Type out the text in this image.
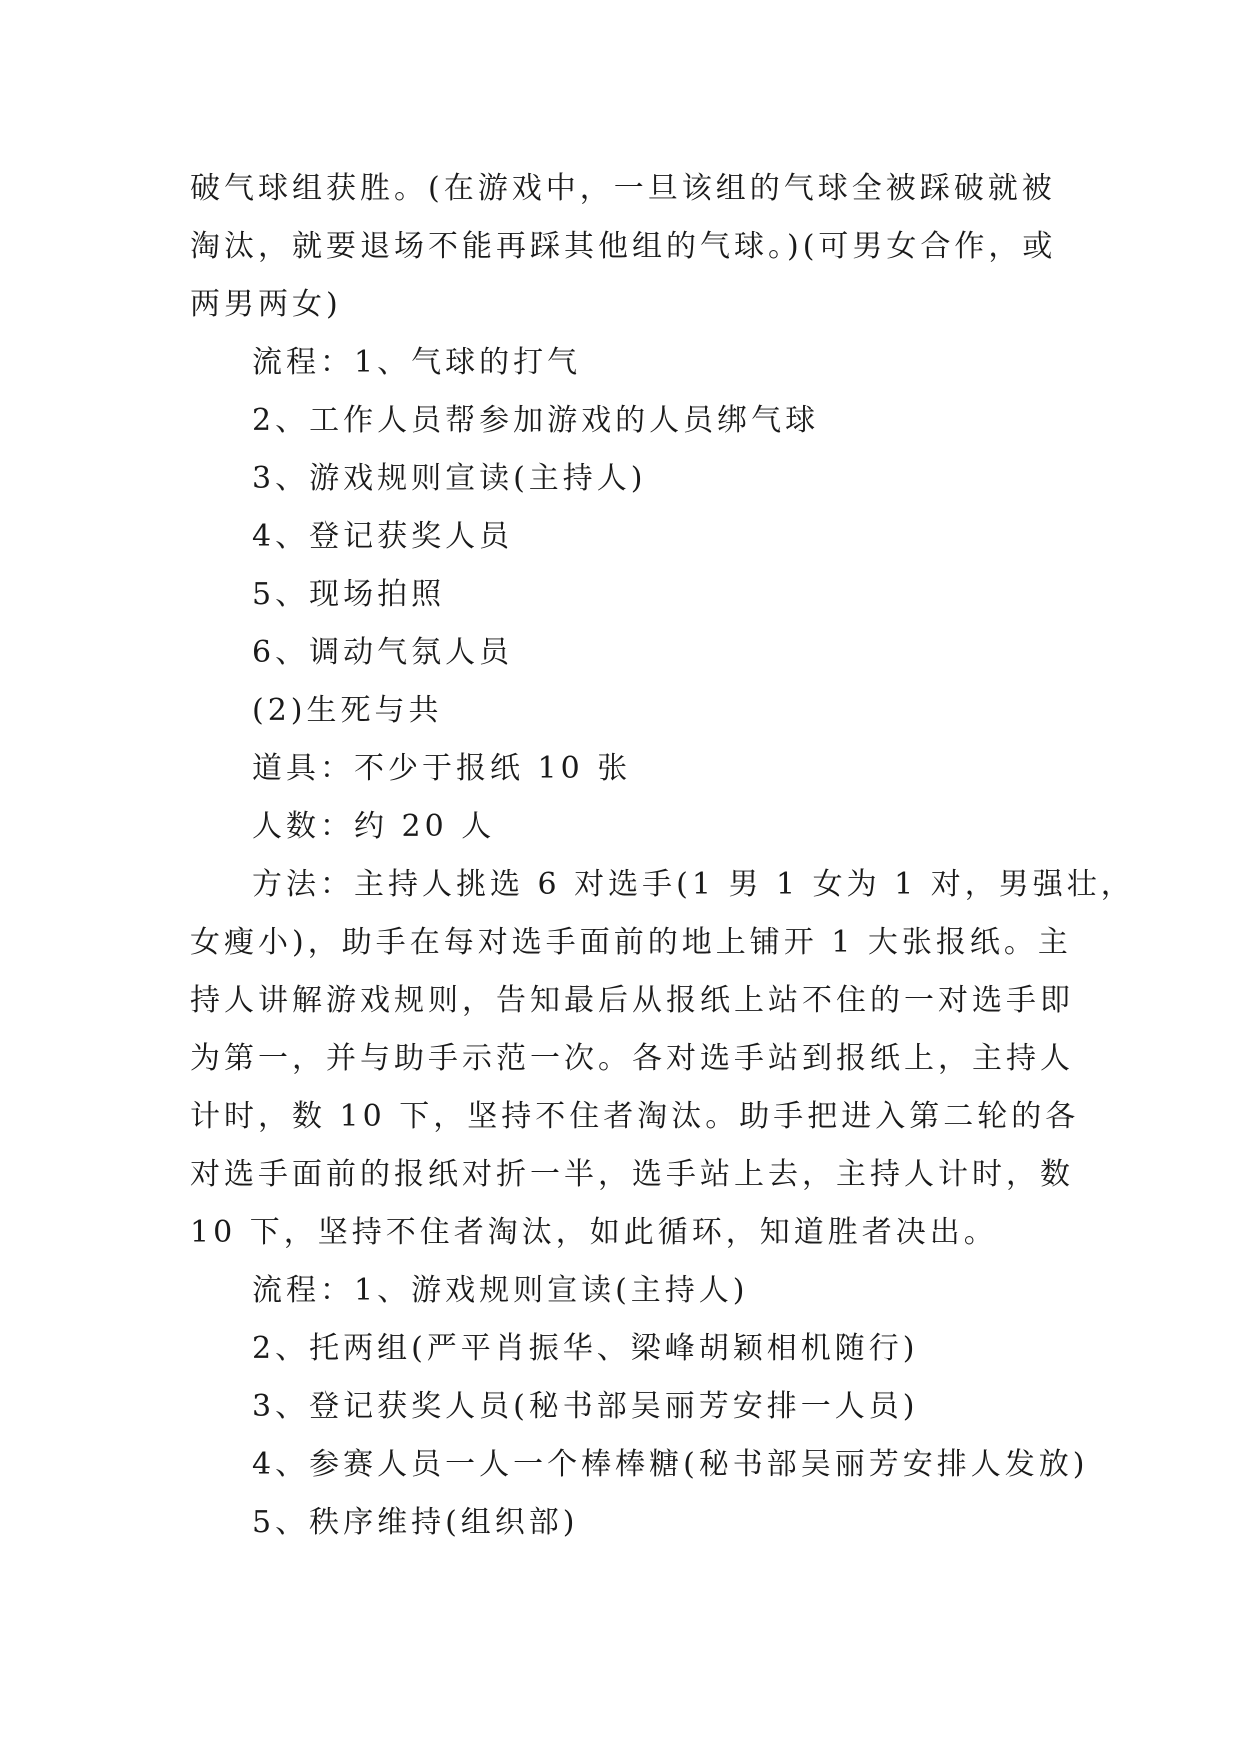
破气球组获胜。(在游戏中，一旦该组的气球全被踩破就被
淘汰，就要退场不能再踩其他组的气球。)(可男女合作，或
两男两女)
流程：1、气球的打气
2、工作人员帮参加游戏的人员绑气球
3、游戏规则宣读(主持人)
4、登记获奖人员
5、现场拍照
6、调动气氛人员
(2)生死与共
道具：不少于报纸 10 张
人数：约 20 人
方法：主持人挑选 6 对选手(1 男 1 女为 1 对，男强壮，
女瘦小)，助手在每对选手面前的地上铺开 1 大张报纸。主
持人讲解游戏规则，告知最后从报纸上站不住的一对选手即
为第一，并与助手示范一次。各对选手站到报纸上，主持人
计时，数 10 下，坚持不住者淘汰。助手把进入第二轮的各
对选手面前的报纸对折一半，选手站上去，主持人计时，数
10 下，坚持不住者淘汰，如此循环，知道胜者决出。
流程：1、游戏规则宣读(主持人)
2、托两组(严平肖振华、梁峰胡颖相机随行)
3、登记获奖人员(秘书部吴丽芳安排一人员)
4、参赛人员一人一个棒棒糖(秘书部吴丽芳安排人发放)
5、秩序维持(组织部)
